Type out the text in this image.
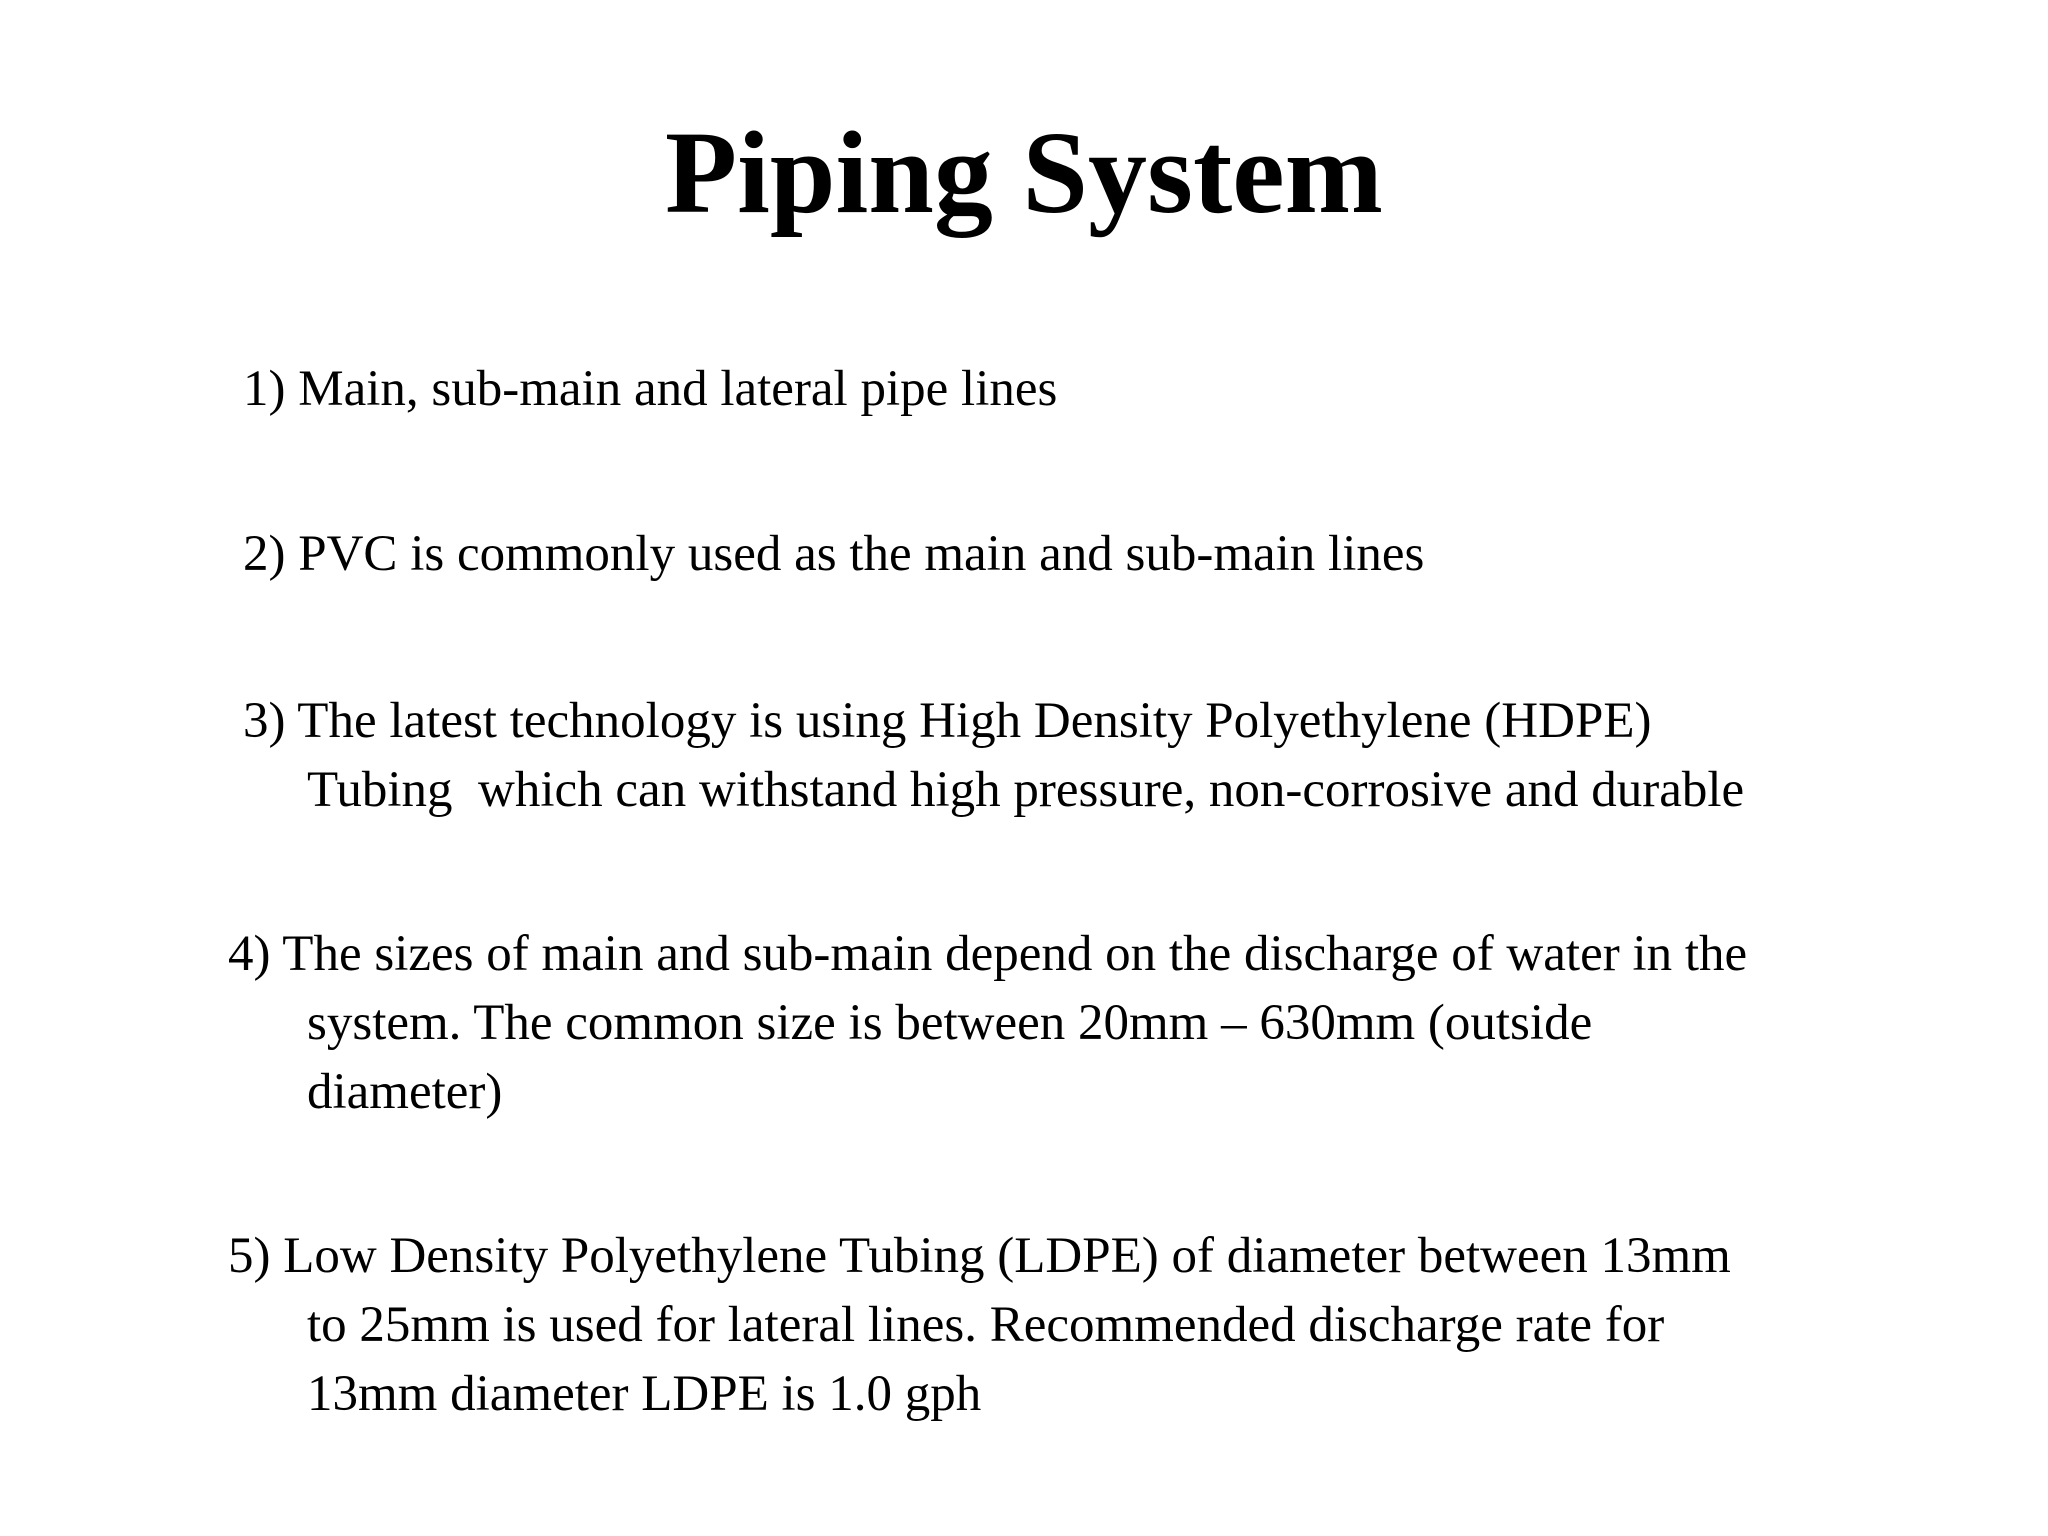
Piping System
1) Main, sub-main and lateral pipe lines
2) PVC is commonly used as the main and sub-main lines
3) The latest technology is using High Density Polyethylene (HDPE)
Tubing  which can withstand high pressure, non-corrosive and durable
4) The sizes of main and sub-main depend on the discharge of water in the
system. The common size is between 20mm – 630mm (outside
diameter)
5) Low Density Polyethylene Tubing (LDPE) of diameter between 13mm
to 25mm is used for lateral lines. Recommended discharge rate for
13mm diameter LDPE is 1.0 gph
